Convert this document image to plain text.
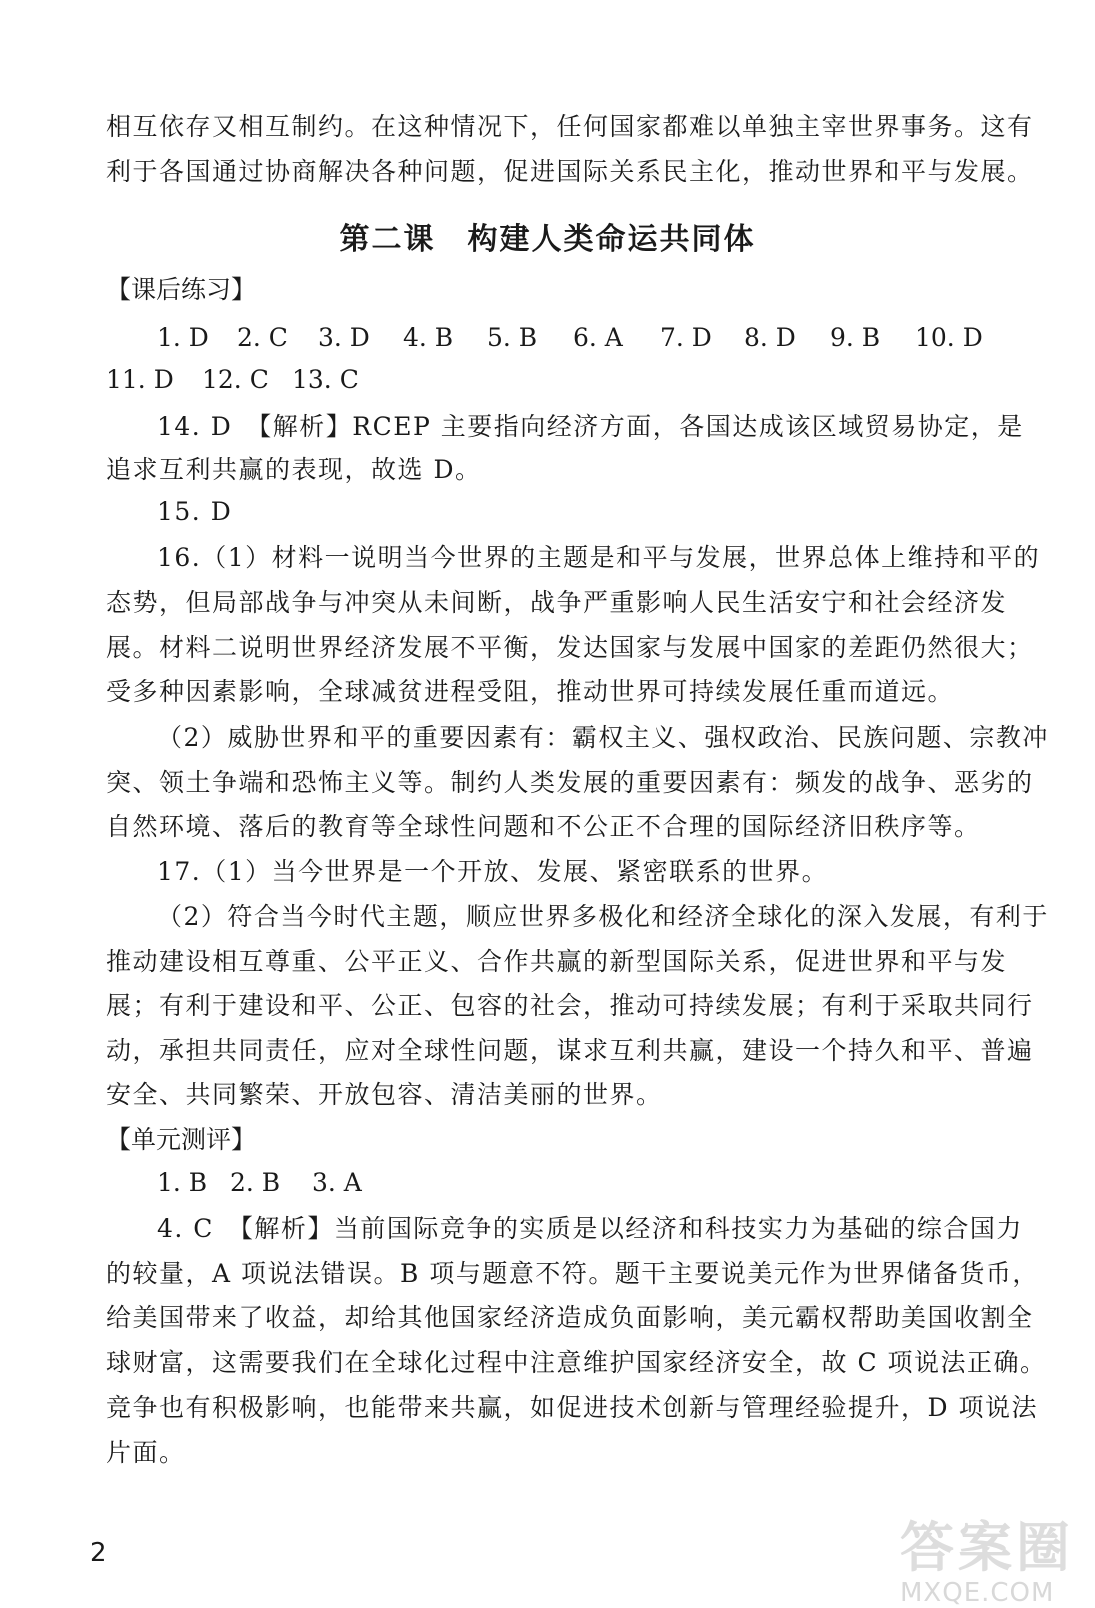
相互依存又相互制约。在这种情况下，任何国家都难以单独主宰世界事务。这有
利于各国通过协商解决各种问题，促进国际关系民主化，推动世界和平与发展。
第二课　构建人类命运共同体
【课后练习】
1. D 2. C 3. D 4. B 5. B 6. A 7. D 8. D 9. B 10. D
11. D 12. C 13. C
14. D　【解析】RCEP 主要指向经济方面，各国达成该区域贸易协定，是
追求互利共赢的表现，故选 D。
15. D
16.（1）材料一说明当今世界的主题是和平与发展，世界总体上维持和平的
态势，但局部战争与冲突从未间断，战争严重影响人民生活安宁和社会经济发
展。材料二说明世界经济发展不平衡，发达国家与发展中国家的差距仍然很大；
受多种因素影响，全球减贫进程受阻，推动世界可持续发展任重而道远。
（2）威胁世界和平的重要因素有：霸权主义、强权政治、民族问题、宗教冲
突、领土争端和恐怖主义等。制约人类发展的重要因素有：频发的战争、恶劣的
自然环境、落后的教育等全球性问题和不公正不合理的国际经济旧秩序等。
17.（1）当今世界是一个开放、发展、紧密联系的世界。
（2）符合当今时代主题，顺应世界多极化和经济全球化的深入发展，有利于
推动建设相互尊重、公平正义、合作共赢的新型国际关系，促进世界和平与发
展；有利于建设和平、公正、包容的社会，推动可持续发展；有利于采取共同行
动，承担共同责任，应对全球性问题，谋求互利共赢，建设一个持久和平、普遍
安全、共同繁荣、开放包容、清洁美丽的世界。
【单元测评】
1. B 2. B 3. A
4. C　【解析】当前国际竞争的实质是以经济和科技实力为基础的综合国力
的较量，A 项说法错误。B 项与题意不符。题干主要说美元作为世界储备货币，
给美国带来了收益，却给其他国家经济造成负面影响，美元霸权帮助美国收割全
球财富，这需要我们在全球化过程中注意维护国家经济安全，故 C 项说法正确。
竞争也有积极影响，也能带来共赢，如促进技术创新与管理经验提升，D 项说法
片面。
2	答案圈
MXQE.COM
